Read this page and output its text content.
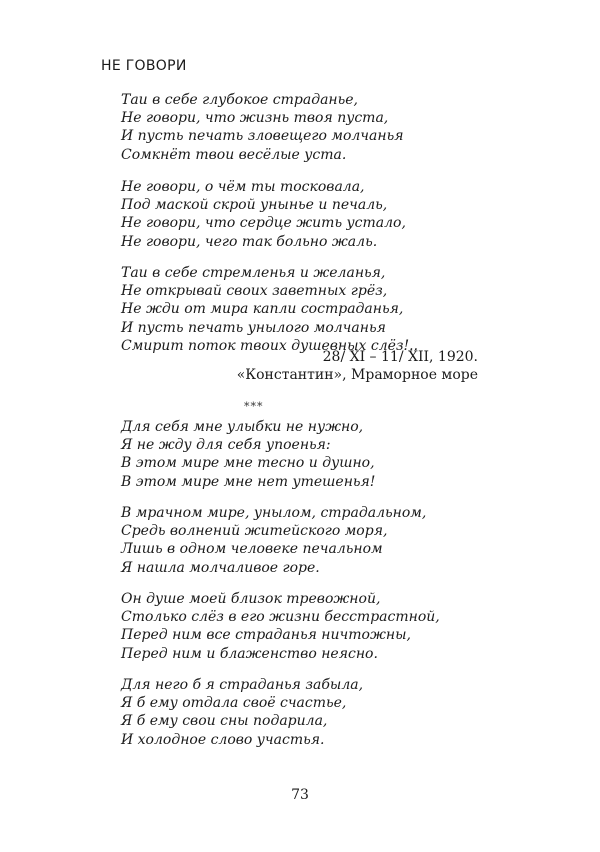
НЕ ГОВОРИ
Таи в себе глубокое страданье,
Не говори, что жизнь твоя пуста,
И пусть печать зловещего молчанья
Сомкнёт твои весёлые уста.
Не говори, о чём ты тосковала,
Под маской скрой унынье и печаль,
Не говори, что сердце жить устало,
Не говори, чего так больно жаль.
Таи в себе стремленья и желанья,
Не открывай своих заветных грёз,
Не жди от мира капли состраданья,
И пусть печать унылого молчанья
Смирит поток твоих душевных слёз!..
28/ XI – 11/ XII, 1920.
«Константин», Мраморное море
***
Для себя мне улыбки не нужно,
Я не жду для себя упоенья:
В этом мире мне тесно и душно,
В этом мире мне нет утешенья!
В мрачном мире, унылом, страдальном,
Средь волнений житейского моря,
Лишь в одном человеке печальном
Я нашла молчаливое горе.
Он душе моей близок тревожной,
Столько слёз в его жизни бесстрастной,
Перед ним все страданья ничтожны,
Перед ним и блаженство неясно.
Для него б я страданья забыла,
Я б ему отдала своё счастье,
Я б ему свои сны подарила,
И холодное слово участья.
73
